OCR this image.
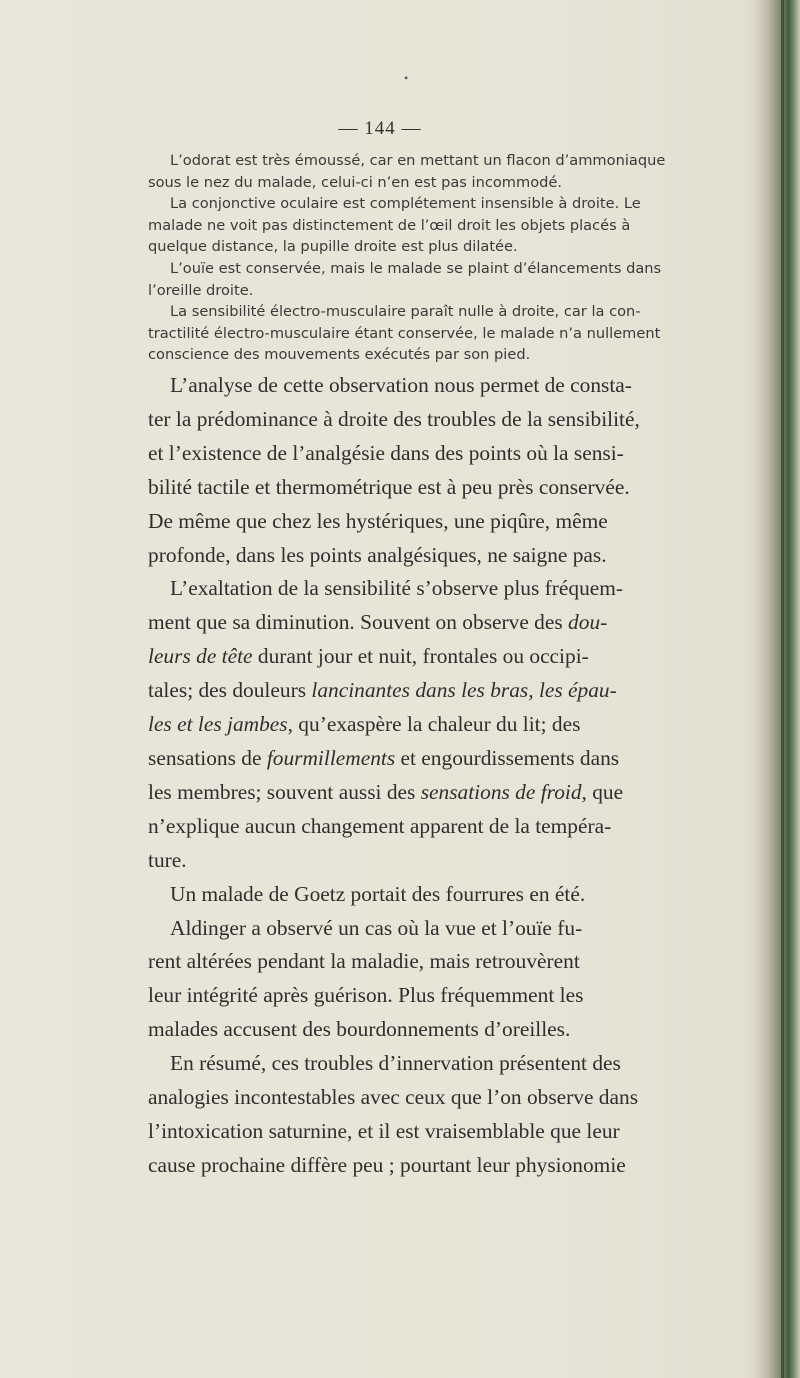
•
— 144 —

L’odorat est très émoussé, car en mettant un flacon d’ammoniaque

sous le nez du malade, celui-ci n’en est pas incommodé.

La conjonctive oculaire est complétement insensible à droite. Le

malade ne voit pas distinctement de l’œil droit les objets placés à

quelque distance, la pupille droite est plus dilatée.

L’ouïe est conservée, mais le malade se plaint d’élancements dans

l’oreille droite.

La sensibilité électro-musculaire paraît nulle à droite, car la con-

tractilité électro-musculaire étant conservée, le malade n’a nullement

conscience des mouvements exécutés par son pied.

L’analyse de cette observation nous permet de consta-
ter la prédominance à droite des troubles de la sensibilité,
et l’existence de l’analgésie dans des points où la sensi-
bilité tactile et thermométrique est à peu près conservée.
De même que chez les hystériques, une piqûre, même
profonde, dans les points analgésiques, ne saigne pas.

L’exaltation de la sensibilité s’observe plus fréquem-
ment que sa diminution. Souvent on observe des dou-
leurs de tête durant jour et nuit, frontales ou occipi-
tales; des douleurs lancinantes dans les bras, les épau-
les et les jambes, qu’exaspère la chaleur du lit; des
sensations de fourmillements et engourdissements dans
les membres; souvent aussi des sensations de froid, que
n’explique aucun changement apparent de la tempéra-
ture.

Un malade de Goetz portait des fourrures en été.

Aldinger a observé un cas où la vue et l’ouïe fu-
rent altérées pendant la maladie, mais retrouvèrent
leur intégrité après guérison. Plus fréquemment les
malades accusent des bourdonnements d’oreilles.

En résumé, ces troubles d’innervation présentent des
analogies incontestables avec ceux que l’on observe dans
l’intoxication saturnine, et il est vraisemblable que leur
cause prochaine diffère peu ; pourtant leur physionomie
